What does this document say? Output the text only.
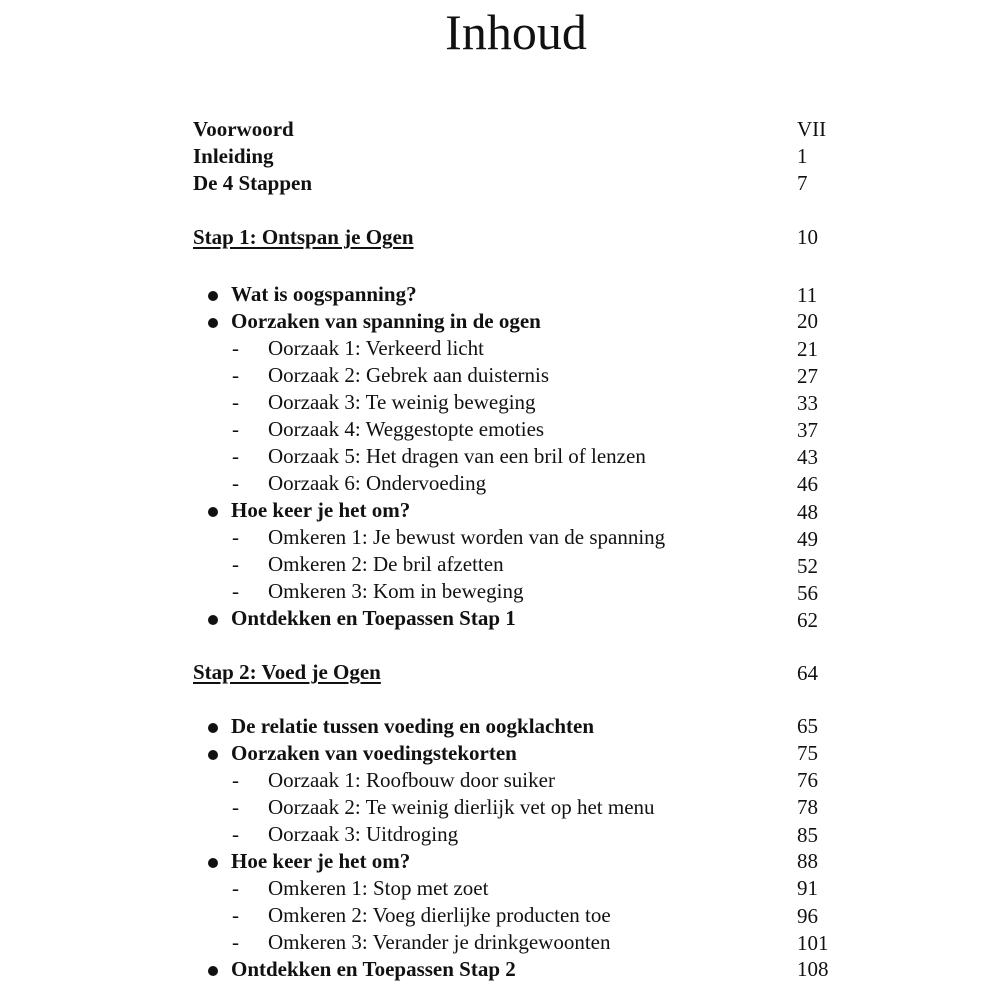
Inhoud
Voorwoord	VII
Inleiding	1
De 4 Stappen	7
Stap 1: Ontspan je Ogen	10
Wat is oogspanning?	11
Oorzaken van spanning in de ogen	20
- Oorzaak 1: Verkeerd licht	21
- Oorzaak 2: Gebrek aan duisternis	27
- Oorzaak 3: Te weinig beweging	33
- Oorzaak 4: Weggestopte emoties	37
- Oorzaak 5: Het dragen van een bril of lenzen	43
- Oorzaak 6: Ondervoeding	46
Hoe keer je het om?	48
- Omkeren 1: Je bewust worden van de spanning	49
- Omkeren 2: De bril afzetten	52
- Omkeren 3: Kom in beweging	56
Ontdekken en Toepassen Stap 1	62
Stap 2: Voed je Ogen	64
De relatie tussen voeding en oogklachten	65
Oorzaken van voedingstekorten	75
- Oorzaak 1: Roofbouw door suiker	76
- Oorzaak 2: Te weinig dierlijk vet op het menu	78
- Oorzaak 3: Uitdroging	85
Hoe keer je het om?	88
- Omkeren 1: Stop met zoet	91
- Omkeren 2: Voeg dierlijke producten toe	96
- Omkeren 3: Verander je drinkgewoonten	101
Ontdekken en Toepassen Stap 2	108
